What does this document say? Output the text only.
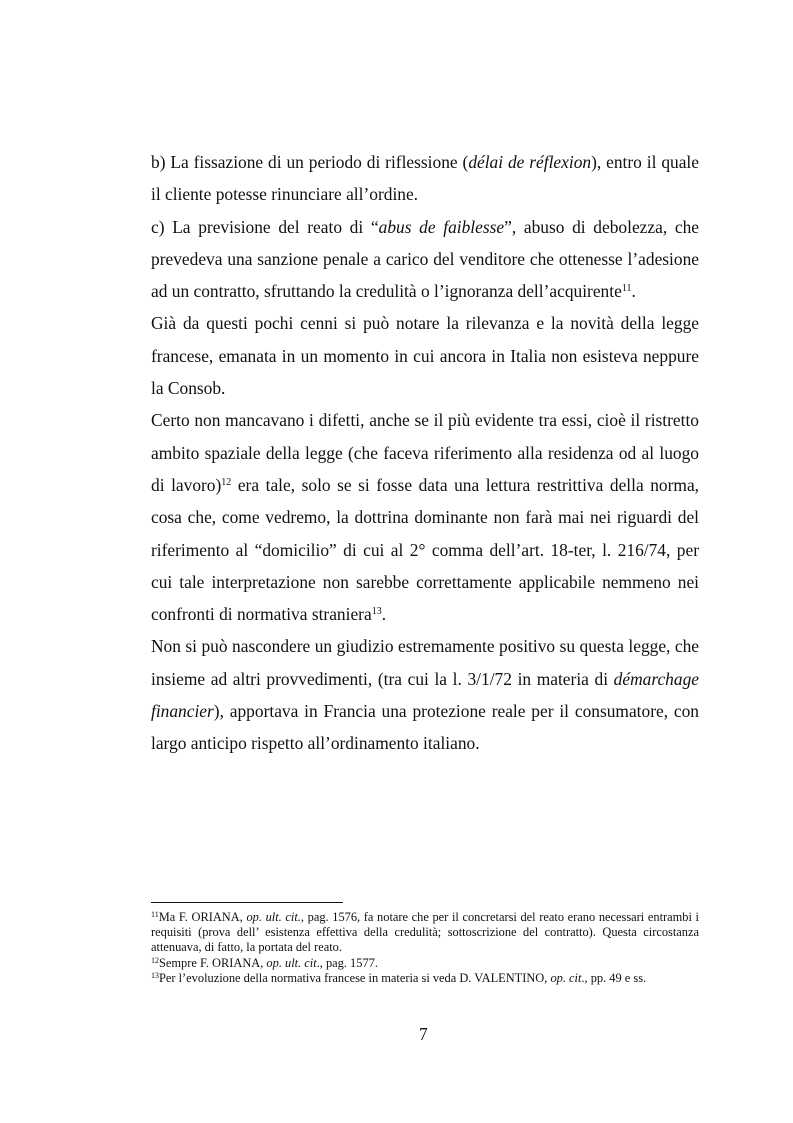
b) La fissazione di un periodo di riflessione (délai de réflexion), entro il quale il cliente potesse rinunciare all’ordine.

c) La previsione del reato di “abus de faiblesse”, abuso di debolezza, che prevedeva una sanzione penale a carico del venditore che ottenesse l’adesione ad un contratto, sfruttando la credulità o l’ignoranza dell’acquirente$^{11}$.

Già da questi pochi cenni si può notare la rilevanza e la novità della legge francese, emanata in un momento in cui ancora in Italia non esisteva neppure la Consob.

Certo non mancavano i difetti, anche se il più evidente tra essi, cioè il ristretto ambito spaziale della legge (che faceva riferimento alla residenza od al luogo di lavoro)$^{12}$ era tale, solo se si fosse data una lettura restrittiva della norma, cosa che, come vedremo, la dottrina dominante non farà mai nei riguardi del riferimento al “domicilio” di cui al 2° comma dell’art. 18-ter, l. 216/74, per cui tale interpretazione non sarebbe correttamente applicabile nemmeno nei confronti di normativa straniera$^{13}$.

Non si può nascondere un giudizio estremamente positivo su questa legge, che insieme ad altri provvedimenti, (tra cui la l. 3/1/72 in materia di démarchage financier), apportava in Francia una protezione reale per il consumatore, con largo anticipo rispetto all’ordinamento italiano.

$^{11}$Ma F. ORIANA, op. ult. cit., pag. 1576, fa notare che per il concretarsi del reato erano necessari entrambi i requisiti (prova dell’ esistenza effettiva della credulità; sottoscrizione del contratto). Questa circostanza attenuava, di fatto, la portata del reato.

$^{12}$Sempre F. ORIANA, op. ult. cit., pag. 1577.

$^{13}$Per l’evoluzione della normativa francese in materia si veda D. VALENTINO, op. cit., pp. 49 e ss.

7
